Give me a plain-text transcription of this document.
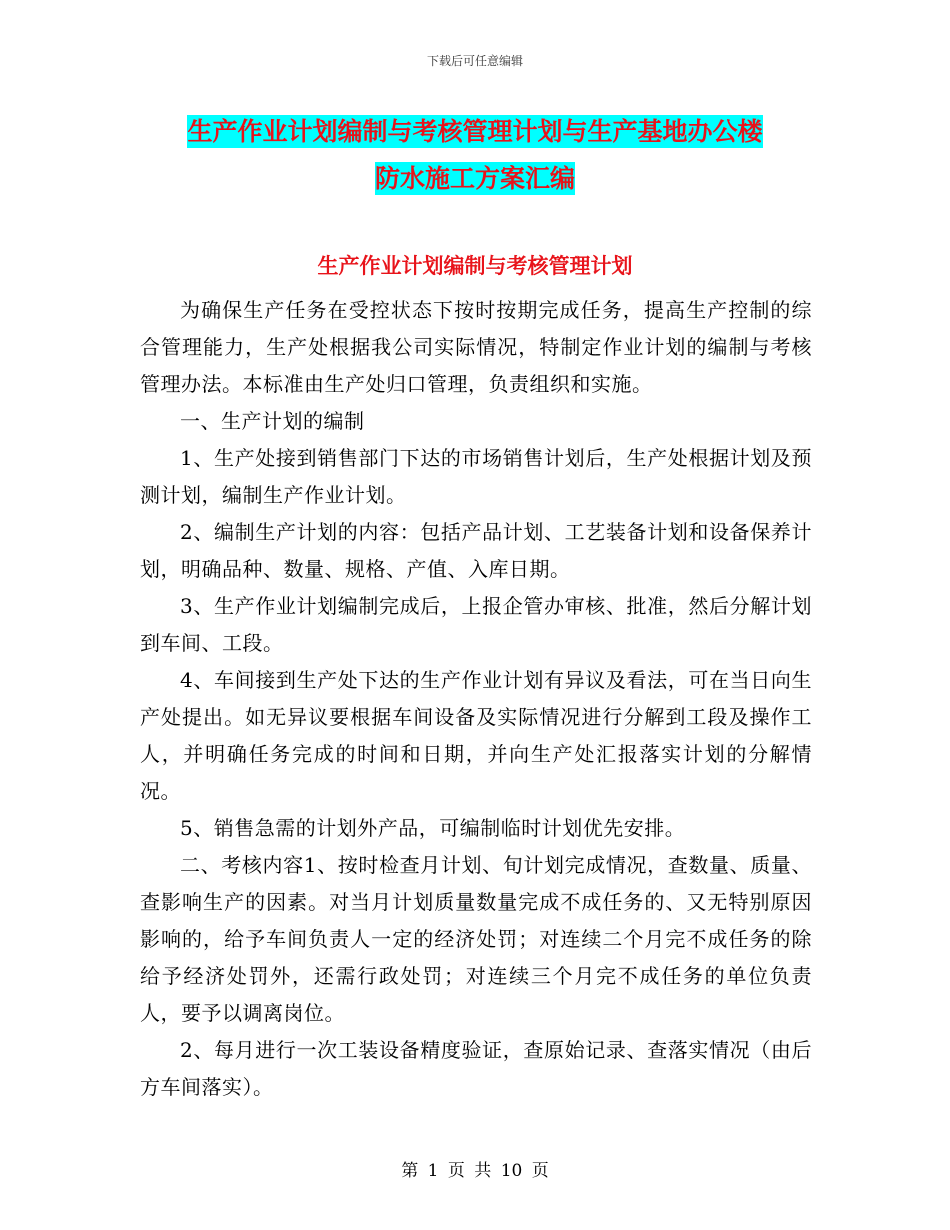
下载后可任意编辑
生产作业计划编制与考核管理计划与生产基地办公楼
防水施工方案汇编
生产作业计划编制与考核管理计划

为确保生产任务在受控状态下按时按期完成任务，提高生产控制的综合管理能力，生产处根据我公司实际情况，特制定作业计划的编制与考核管理办法。本标准由生产处归口管理，负责组织和实施。

一、生产计划的编制

1、生产处接到销售部门下达的市场销售计划后，生产处根据计划及预测计划，编制生产作业计划。

2、编制生产计划的内容：包括产品计划、工艺装备计划和设备保养计划，明确品种、数量、规格、产值、入库日期。

3、生产作业计划编制完成后，上报企管办审核、批准，然后分解计划到车间、工段。

4、车间接到生产处下达的生产作业计划有异议及看法，可在当日向生产处提出。如无异议要根据车间设备及实际情况进行分解到工段及操作工人，并明确任务完成的时间和日期，并向生产处汇报落实计划的分解情况。

5、销售急需的计划外产品，可编制临时计划优先安排。

二、考核内容1、按时检查月计划、旬计划完成情况，查数量、质量、查影响生产的因素。对当月计划质量数量完成不成任务的、又无特别原因影响的，给予车间负责人一定的经济处罚；对连续二个月完不成任务的除给予经济处罚外，还需行政处罚；对连续三个月完不成任务的单位负责人，要予以调离岗位。

2、每月进行一次工装设备精度验证，查原始记录、查落实情况（由后方车间落实）。

第 1 页 共 10 页
